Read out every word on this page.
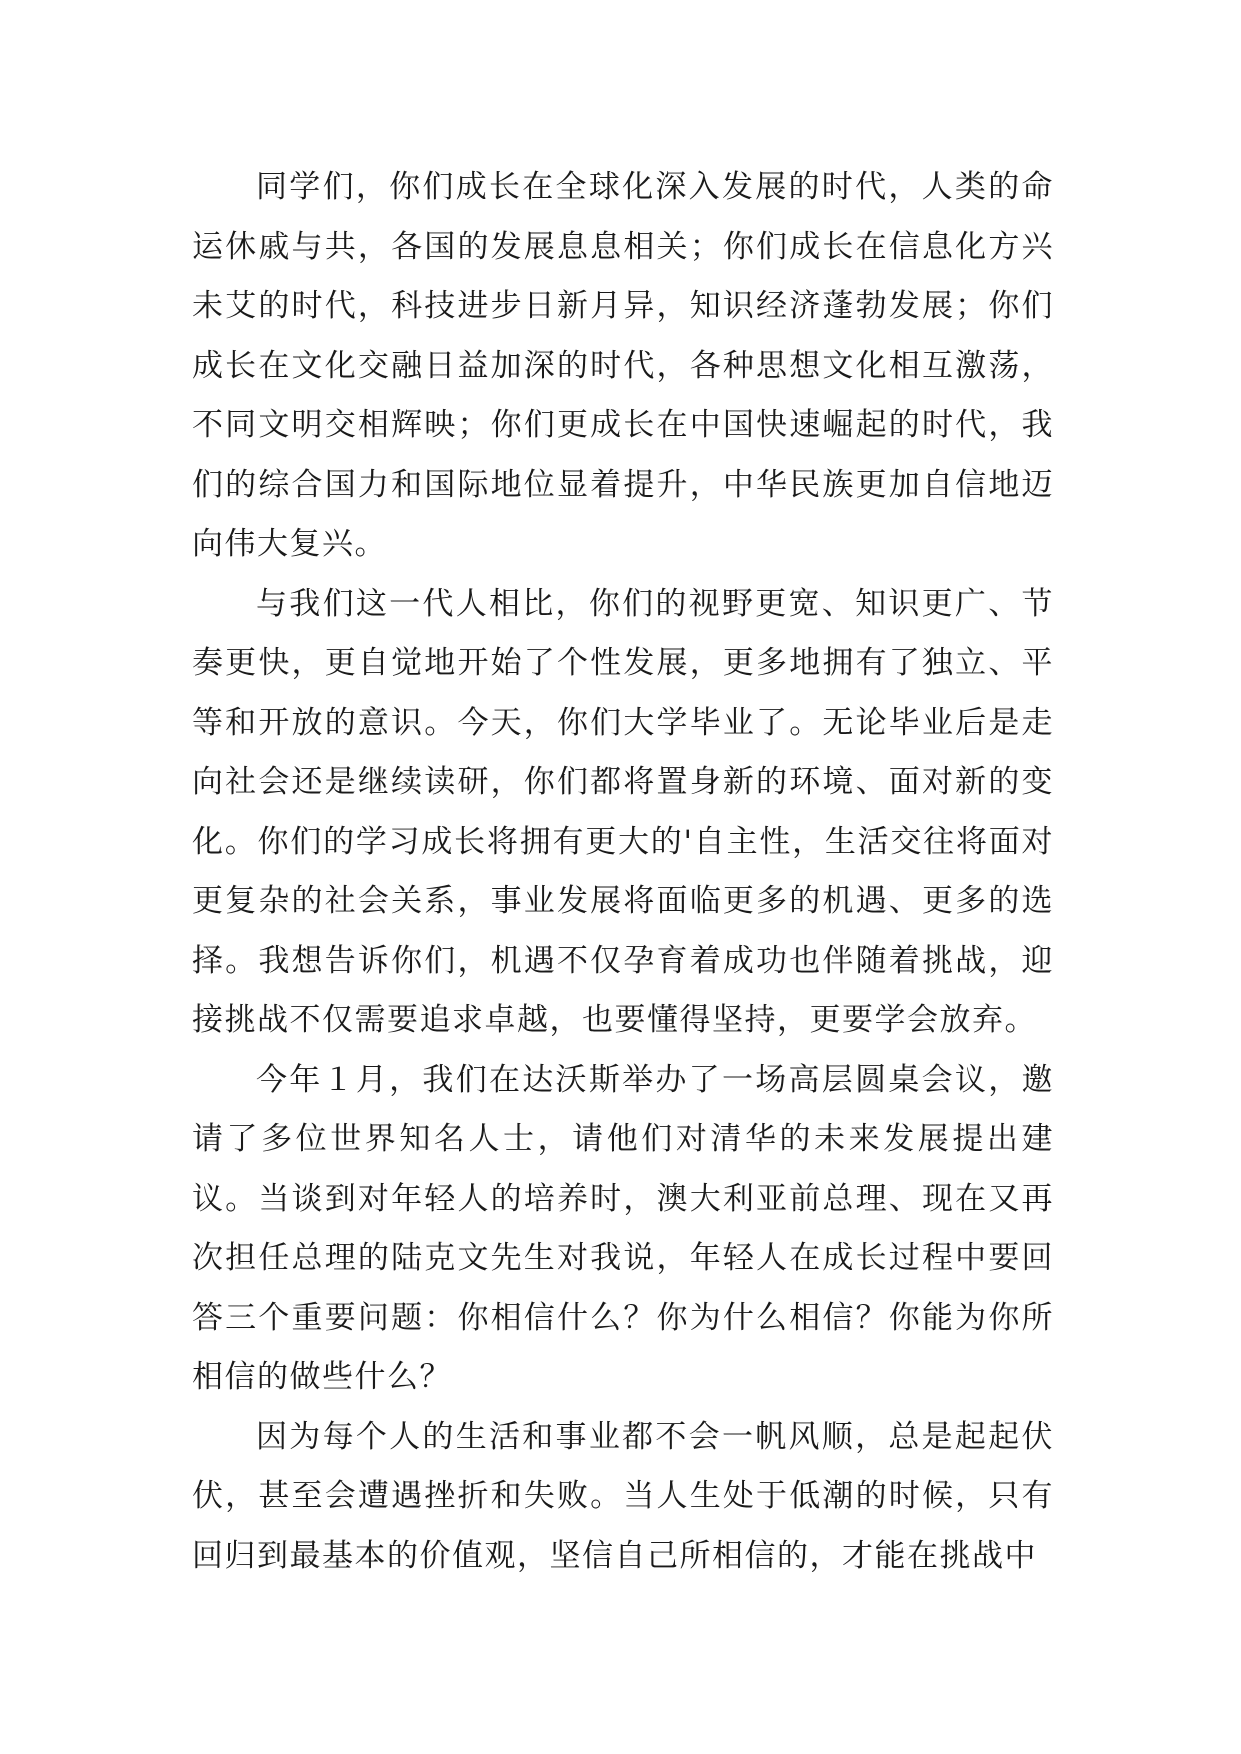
同学们，你们成长在全球化深入发展的时代，人类的命运休戚与共，各国的发展息息相关；你们成长在信息化方兴未艾的时代，科技进步日新月异，知识经济蓬勃发展；你们成长在文化交融日益加深的时代，各种思想文化相互激荡，不同文明交相辉映；你们更成长在中国快速崛起的时代，我们的综合国力和国际地位显着提升，中华民族更加自信地迈向伟大复兴。

与我们这一代人相比，你们的视野更宽、知识更广、节奏更快，更自觉地开始了个性发展，更多地拥有了独立、平等和开放的意识。今天，你们大学毕业了。无论毕业后是走向社会还是继续读研，你们都将置身新的环境、面对新的变化。你们的学习成长将拥有更大的'自主性，生活交往将面对更复杂的社会关系，事业发展将面临更多的机遇、更多的选择。我想告诉你们，机遇不仅孕育着成功也伴随着挑战，迎接挑战不仅需要追求卓越，也要懂得坚持，更要学会放弃。

今年１月，我们在达沃斯举办了一场高层圆桌会议，邀请了多位世界知名人士，请他们对清华的未来发展提出建议。当谈到对年轻人的培养时，澳大利亚前总理、现在又再次担任总理的陆克文先生对我说，年轻人在成长过程中要回答三个重要问题：你相信什么？你为什么相信？你能为你所相信的做些什么？

因为每个人的生活和事业都不会一帆风顺，总是起起伏伏，甚至会遭遇挫折和失败。当人生处于低潮的时候，只有回归到最基本的价值观，坚信自己所相信的，才能在挑战中
